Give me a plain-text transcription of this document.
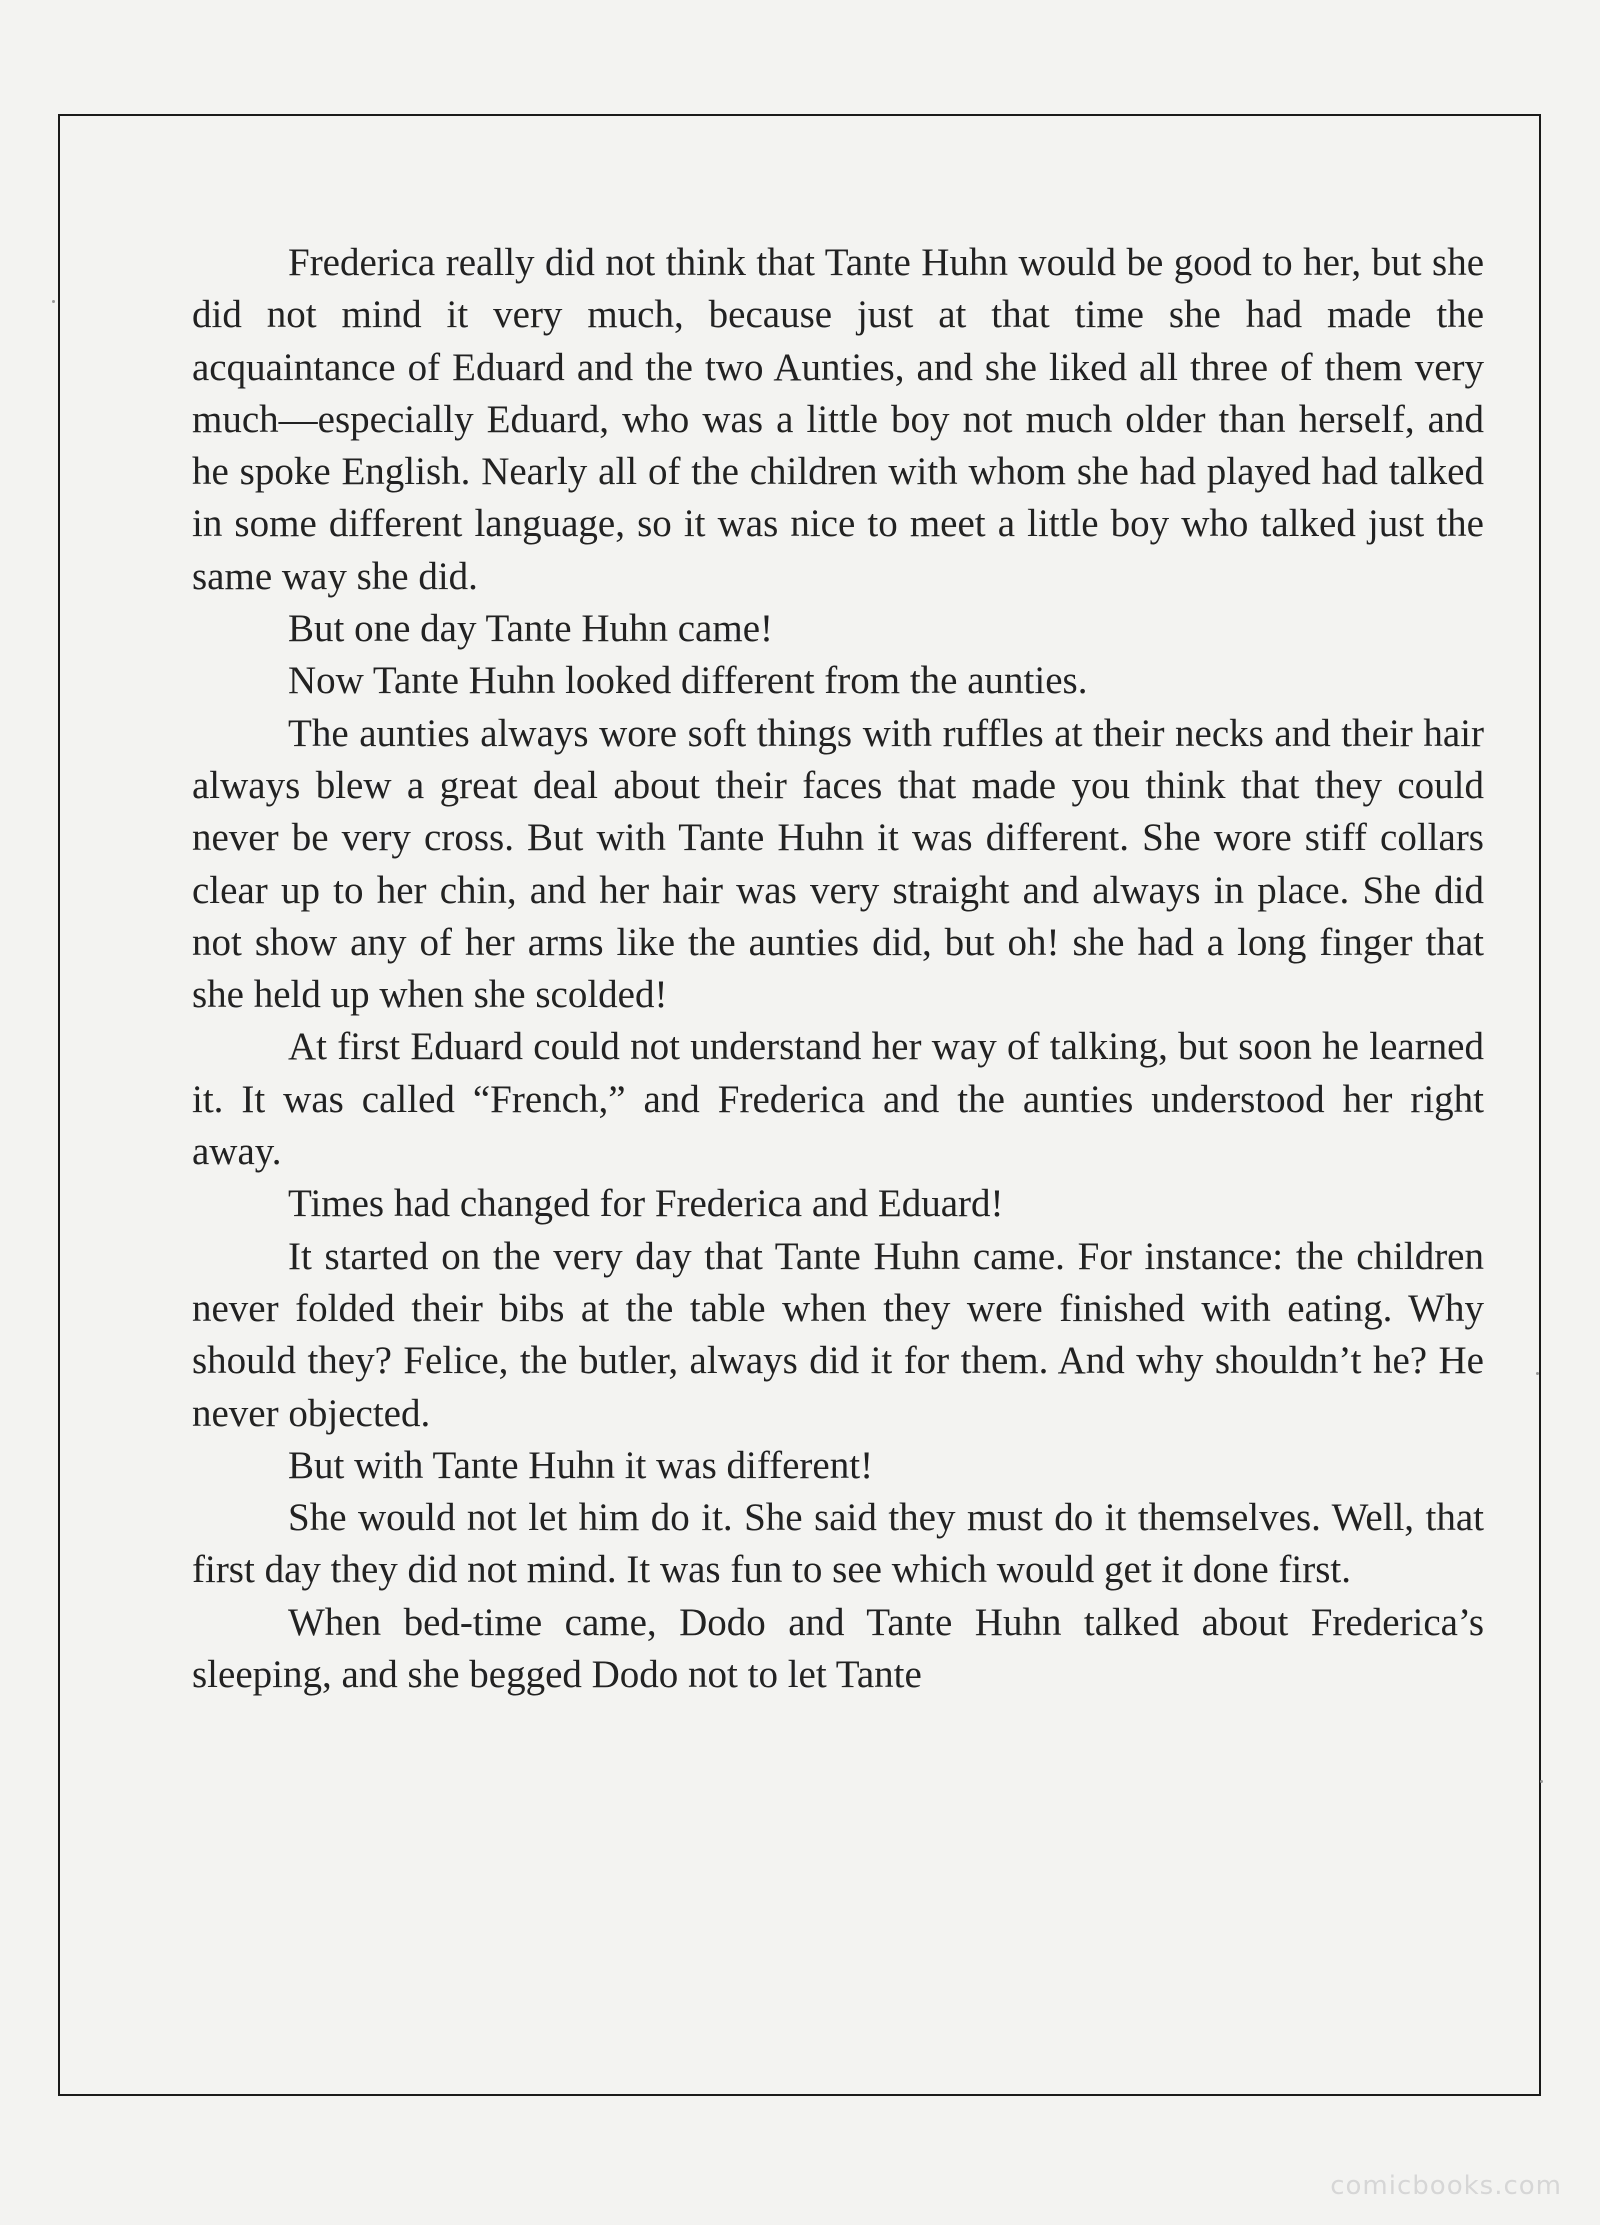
Frederica really did not think that Tante Huhn would be good to her, but she did not mind it very much, because just at that time she had made the acquaintance of Eduard and the two Aunties, and she liked all three of them very much—especially Eduard, who was a little boy not much older than herself, and he spoke English. Nearly all of the children with whom she had played had talked in some different language, so it was nice to meet a little boy who talked just the same way she did.

But one day Tante Huhn came!

Now Tante Huhn looked different from the aunties.

The aunties always wore soft things with ruffles at their necks and their hair always blew a great deal about their faces that made you think that they could never be very cross. But with Tante Huhn it was different. She wore stiff collars clear up to her chin, and her hair was very straight and always in place. She did not show any of her arms like the aunties did, but oh! she had a long finger that she held up when she scolded!

At first Eduard could not understand her way of talking, but soon he learned it. It was called “French,” and Frederica and the aunties understood her right away.

Times had changed for Frederica and Eduard!

It started on the very day that Tante Huhn came. For instance: the children never folded their bibs at the table when they were finished with eating. Why should they? Felice, the butler, always did it for them. And why shouldn’t he? He never objected.

But with Tante Huhn it was different!

She would not let him do it. She said they must do it themselves. Well, that first day they did not mind. It was fun to see which would get it done first.

When bed-time came, Dodo and Tante Huhn talked about Frederica’s sleeping, and she begged Dodo not to let Tante

comicbooks.com
